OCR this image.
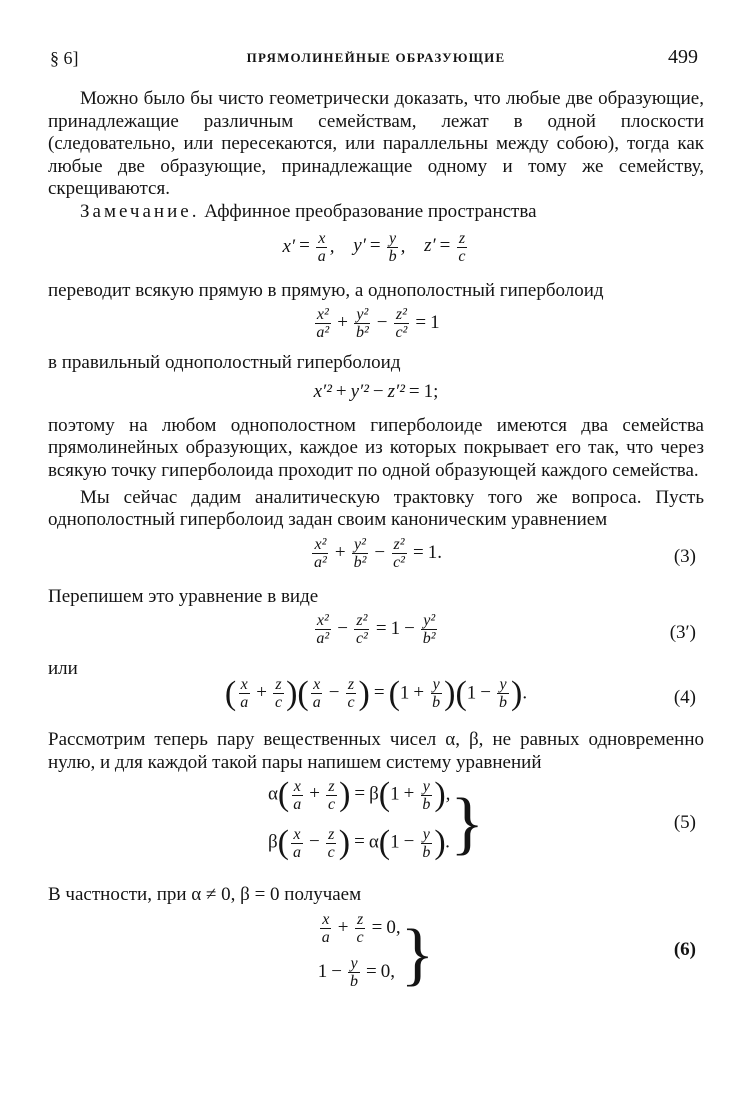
§ 6]	ПРЯМОЛИНЕЙНЫЕ ОБРАЗУЮЩИЕ	499

Можно было бы чисто геометрически доказать, что любые две образующие, принадлежащие различным семействам, лежат в одной плоскости (следовательно, или пересекаются, или параллельны между собою), тогда как любые две образующие, принадлежащие одному и тому же семейству, скрещиваются.

Замечание. Аффинное преобразование пространства

$x' = \frac{x}{a}$ , $y' = \frac{y}{b}$ , $z' = \frac{z}{c}$

переводит всякую прямую в прямую, а однополостный гиперболоид

$\frac{\text{x²}}{\text{a²}} + \frac{\text{y²}}{\text{b²}} - \frac{\text{z²}}{\text{c²}} = 1$

в правильный однополостный гиперболоид

x′² + y′² − z′² = 1;

поэтому на любом однополостном гиперболоиде имеются два семейства прямолинейных образующих, каждое из которых покрывает его так, что через всякую точку гиперболоида проходит по одной образующей каждого семейства.

Мы сейчас дадим аналитическую трактовку того же вопроса. Пусть однополостный гиперболоид задан своим каноническим уравнением

$\frac{\text{x²}}{\text{a²}} + \frac{\text{y²}}{\text{b²}} - \frac{\text{z²}}{\text{c²}} = 1$.	(3)

Перепишем это уравнение в виде

$\frac{\text{x²}}{\text{a²}} - \frac{\text{z²}}{\text{c²}} = 1 - \frac{\text{y²}}{\text{b²}}$	(3′)

или

( $\frac{x}{a} + \frac{z}{c}$ )( $\frac{x}{a} - \frac{z}{c}$ ) = $(1 + \frac{y}{b} )(1 - \frac{y}{b}$ ).	(4)

Рассмотрим теперь пару вещественных чисел α, β, не равных одновременно нулю, и для каждой такой пары напишем систему уравнений

$\alpha( \frac{x}{a} + \frac{z}{c}$ ) = $\beta(1 + \frac{y}{b}$ ),
$\beta( \frac{x}{a} - \frac{z}{c}$ ) = $\alpha(1 - \frac{y}{b}$ ). }	(5)

В частности, при α ≠ 0, β = 0 получаем

$\frac{x}{a} + \frac{z}{c} = 0$,
$1 - \frac{y}{b} = 0$, }	(6)
